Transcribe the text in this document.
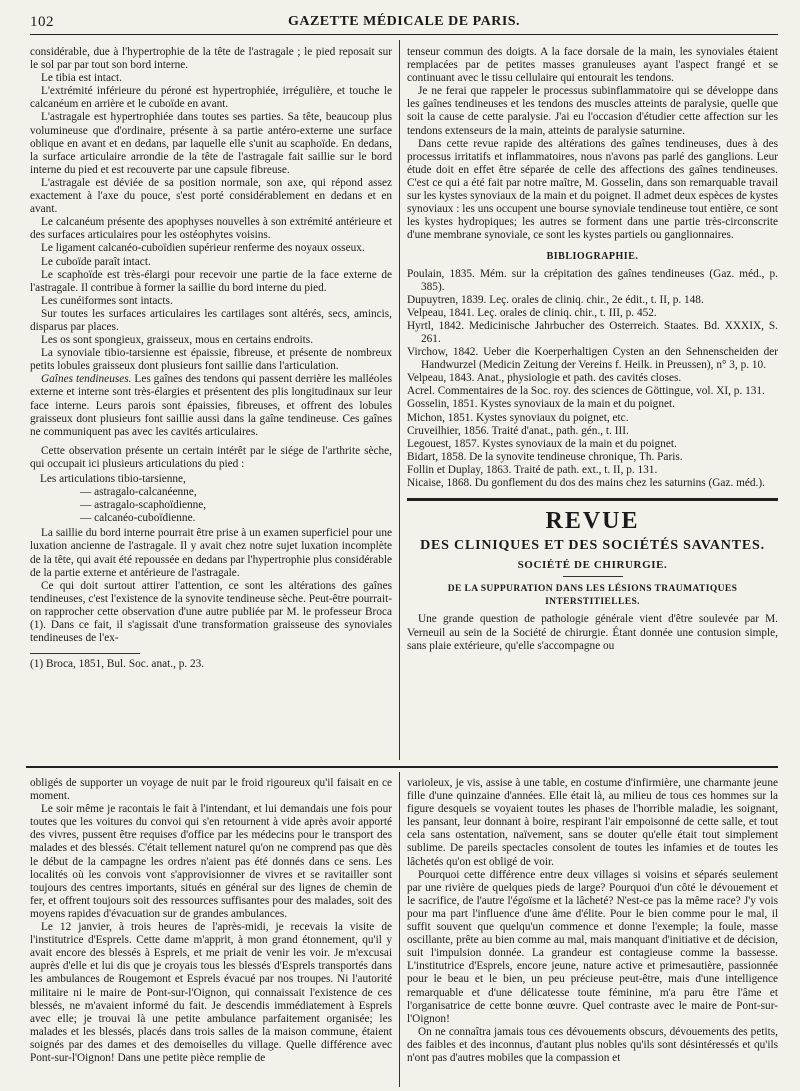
102	GAZETTE MÉDICALE DE PARIS.

considérable, due à l'hypertrophie de la tête de l'astragale ; le pied reposait sur le sol par par tout son bord interne.

Le tibia est intact.

L'extrémité inférieure du péroné est hypertrophiée, irrégulière, et touche le calcanéum en arrière et le cuboïde en avant.

L'astragale est hypertrophiée dans toutes ses parties. Sa tête, beaucoup plus volumineuse que d'ordinaire, présente à sa partie antéro-externe une surface oblique en avant et en dedans, par laquelle elle s'unit au scaphoïde. En dedans, la surface articulaire arrondie de la tête de l'astragale fait saillie sur le bord interne du pied et est recouverte par une capsule fibreuse.

L'astragale est déviée de sa position normale, son axe, qui répond assez exactement à l'axe du pouce, s'est porté considérablement en dedans et en avant.

Le calcanéum présente des apophyses nouvelles à son extrémité antérieure et des surfaces articulaires pour les ostéophytes voisins.

Le ligament calcanéo-cuboïdien supérieur renferme des noyaux osseux.

Le cuboïde paraît intact.

Le scaphoïde est très-élargi pour recevoir une partie de la face externe de l'astragale. Il contribue à former la saillie du bord interne du pied.

Les cunéiformes sont intacts.

Sur toutes les surfaces articulaires les cartilages sont altérés, secs, amincis, disparus par places.

Les os sont spongieux, graisseux, mous en certains endroits.

La synoviale tibio-tarsienne est épaissie, fibreuse, et présente de nombreux petits lobules graisseux dont plusieurs font saillie dans l'articulation.

Gaînes tendineuses. Les gaînes des tendons qui passent derrière les malléoles externe et interne sont très-élargies et présentent des plis longitudinaux sur leur face interne. Leurs parois sont épaissies, fibreuses, et offrent des lobules graisseux dont plusieurs font saillie aussi dans la gaîne tendineuse. Ces gaînes ne communiquent pas avec les cavités articulaires.

Cette observation présente un certain intérêt par le siége de l'arthrite sèche, qui occupait ici plusieurs articulations du pied :

Les articulations tibio-tarsienne,
— astragalo-calcanéenne,
— astragalo-scaphoïdienne,
— calcanéo-cuboïdienne.

La saillie du bord interne pourrait être prise à un examen superficiel pour une luxation ancienne de l'astragale. Il y avait chez notre sujet luxation incomplète de la tête, qui avait été repoussée en dedans par l'hypertrophie plus considérable de la partie externe et antérieure de l'astragale.

Ce qui doit surtout attirer l'attention, ce sont les altérations des gaînes tendineuses, c'est l'existence de la synovite tendineuse sèche. Peut-être pourrait-on rapprocher cette observation d'une autre publiée par M. le professeur Broca (1). Dans ce fait, il s'agissait d'une transformation graisseuse des synoviales tendineuses de l'ex-

(1) Broca, 1851, Bul. Soc. anat., p. 23.

tenseur commun des doigts. A la face dorsale de la main, les synoviales étaient remplacées par de petites masses granuleuses ayant l'aspect frangé et se continuant avec le tissu cellulaire qui entourait les tendons.

Je ne ferai que rappeler le processus subinflammatoire qui se développe dans les gaînes tendineuses et les tendons des muscles atteints de paralysie, quelle que soit la cause de cette paralysie. J'ai eu l'occasion d'étudier cette affection sur les tendons extenseurs de la main, atteints de paralysie saturnine.

Dans cette revue rapide des altérations des gaînes tendineuses, dues à des processus irritatifs et inflammatoires, nous n'avons pas parlé des ganglions. Leur étude doit en effet être séparée de celle des affections des gaînes tendineuses. C'est ce qui a été fait par notre maître, M. Gosselin, dans son remarquable travail sur les kystes synoviaux de la main et du poignet. Il admet deux espèces de kystes synoviaux : les uns occupent une bourse synoviale tendineuse tout entière, ce sont les kystes hydropiques; les autres se forment dans une partie très-circonscrite d'une membrane synoviale, ce sont les kystes partiels ou ganglionnaires.

BIBLIOGRAPHIE.

Poulain, 1835. Mém. sur la crépitation des gaînes tendineuses (Gaz. méd., p. 385).

Dupuytren, 1839. Leç. orales de cliniq. chir., 2e édit., t. II, p. 148.

Velpeau, 1841. Leç. orales de cliniq. chir., t. III, p. 452.

Hyrtl, 1842. Medicinische Jahrbucher des Osterreich. Staates. Bd. XXXIX, S. 261.

Virchow, 1842. Ueber die Koerperhaltigen Cysten an den Sehnenscheiden der Handwurzel (Medicin Zeitung der Vereins f. Heilk. in Preussen), n° 3, p. 10.

Velpeau, 1843. Anat., physiologie et path. des cavités closes.

Acrel. Commentaires de la Soc. roy. des sciences de Göttingue, vol. XI, p. 131.

Gosselin, 1851. Kystes synoviaux de la main et du poignet.

Michon, 1851. Kystes synoviaux du poignet, etc.

Cruveilhier, 1856. Traité d'anat., path. gén., t. III.

Legouest, 1857. Kystes synoviaux de la main et du poignet.

Bidart, 1858. De la synovite tendineuse chronique, Th. Paris.

Follin et Duplay, 1863. Traité de path. ext., t. II, p. 131.

Nicaise, 1868. Du gonflement du dos des mains chez les saturnins (Gaz. méd.).

REVUE
DES CLINIQUES ET DES SOCIÉTÉS SAVANTES.
SOCIÉTÉ DE CHIRURGIE.
DE LA SUPPURATION DANS LES LÉSIONS TRAUMATIQUES INTERSTITIELLES.

Une grande question de pathologie générale vient d'être soulevée par M. Verneuil au sein de la Société de chirurgie. Étant donnée une contusion simple, sans plaie extérieure, qu'elle s'accompagne ou

obligés de supporter un voyage de nuit par le froid rigoureux qu'il faisait en ce moment.

Le soir même je racontais le fait à l'intendant, et lui demandais une fois pour toutes que les voitures du convoi qui s'en retournent à vide après avoir apporté des vivres, pussent être requises d'office par les médecins pour le transport des malades et des blessés. C'était tellement naturel qu'on ne comprend pas que dès le début de la campagne les ordres n'aient pas été donnés dans ce sens. Les localités où les convois vont s'approvisionner de vivres et se ravitailler sont toujours des centres importants, situés en général sur des lignes de chemin de fer, et offrent toujours soit des ressources suffisantes pour des malades, soit des moyens rapides d'évacuation sur de grandes ambulances.

Le 12 janvier, à trois heures de l'après-midi, je recevais la visite de l'institutrice d'Esprels. Cette dame m'apprit, à mon grand étonnement, qu'il y avait encore des blessés à Esprels, et me priait de venir les voir. Je m'excusai auprès d'elle et lui dis que je croyais tous les blessés d'Esprels transportés dans les ambulances de Rougemont et Esprels évacué par nos troupes. Ni l'autorité militaire ni le maire de Pont-sur-l'Oignon, qui connaissait l'existence de ces blessés, ne m'avaient informé du fait. Je descendis immédiatement à Esprels avec elle; je trouvai là une petite ambulance parfaitement organisée; les malades et les blessés, placés dans trois salles de la maison commune, étaient soignés par des dames et des demoiselles du village. Quelle différence avec Pont-sur-l'Oignon! Dans une petite pièce remplie de

varioleux, je vis, assise à une table, en costume d'infirmière, une charmante jeune fille d'une quinzaine d'années. Elle était là, au milieu de tous ces hommes sur la figure desquels se voyaient toutes les phases de l'horrible maladie, les soignant, les pansant, leur donnant à boire, respirant l'air empoisonné de cette salle, et tout cela sans ostentation, naïvement, sans se douter qu'elle était tout simplement sublime. De pareils spectacles consolent de toutes les infamies et de toutes les lâchetés qu'on est obligé de voir.

Pourquoi cette différence entre deux villages si voisins et séparés seulement par une rivière de quelques pieds de large? Pourquoi d'un côté le dévouement et le sacrifice, de l'autre l'égoïsme et la lâcheté? N'est-ce pas la même race? J'y vois pour ma part l'influence d'une âme d'élite. Pour le bien comme pour le mal, il suffit souvent que quelqu'un commence et donne l'exemple; la foule, masse oscillante, prête au bien comme au mal, mais manquant d'initiative et de décision, suit l'impulsion donnée. La grandeur est contagieuse comme la bassesse. L'institutrice d'Esprels, encore jeune, nature active et primesautière, passionnée pour le beau et le bien, un peu précieuse peut-être, mais d'une intelligence remarquable et d'une délicatesse toute féminine, m'a paru être l'âme et l'organisatrice de cette bonne œuvre. Quel contraste avec le maire de Pont-sur-l'Oignon!

On ne connaîtra jamais tous ces dévouements obscurs, dévouements des petits, des faibles et des inconnus, d'autant plus nobles qu'ils sont désintéressés et qu'ils n'ont pas d'autres mobiles que la compassion et
